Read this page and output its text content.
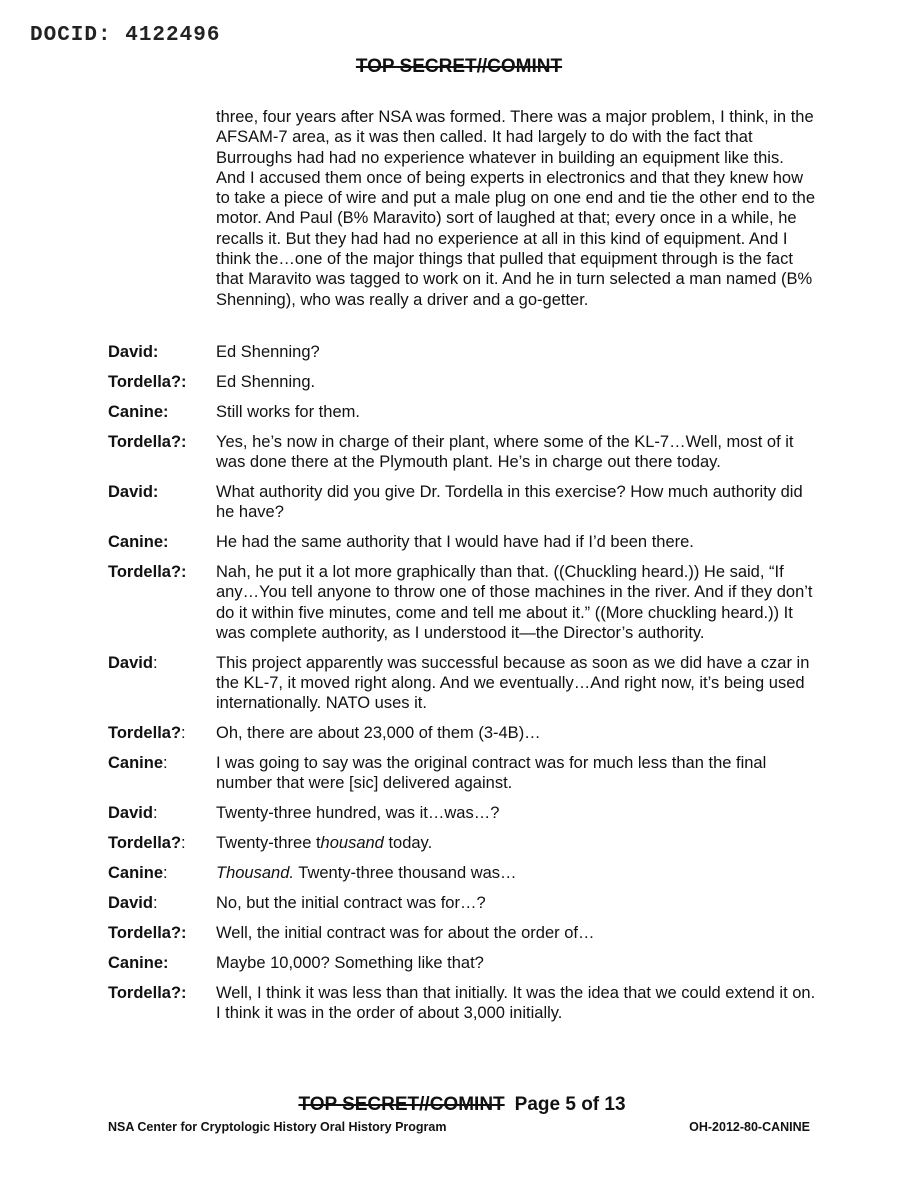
DOCID: 4122496
TOP SECRET//COMINT

three, four years after NSA was formed. There was a major problem, I think, in the AFSAM-7 area, as it was then called. It had largely to do with the fact that Burroughs had had no experience whatever in building an equipment like this. And I accused them once of being experts in electronics and that they knew how to take a piece of wire and put a male plug on one end and tie the other end to the motor. And Paul (B% Maravito) sort of laughed at that; every once in a while, he recalls it. But they had had no experience at all in this kind of equipment. And I think the…one of the major things that pulled that equipment through is the fact that Maravito was tagged to work on it. And he in turn selected a man named (B% Shenning), who was really a driver and a go-getter.

David:	Ed Shenning?
Tordella?:	Ed Shenning.
Canine:	Still works for them.
Tordella?:	Yes, he’s now in charge of their plant, where some of the KL-7…Well, most of it was done there at the Plymouth plant. He’s in charge out there today.
David:	What authority did you give Dr. Tordella in this exercise? How much authority did he have?
Canine:	He had the same authority that I would have had if I’d been there.
Tordella?:	Nah, he put it a lot more graphically than that. ((Chuckling heard.)) He said, “If any…You tell anyone to throw one of those machines in the river. And if they don’t do it within five minutes, come and tell me about it.” ((More chuckling heard.)) It was complete authority, as I understood it—the Director’s authority.
David:	This project apparently was successful because as soon as we did have a czar in the KL-7, it moved right along. And we eventually…And right now, it’s being used internationally. NATO uses it.
Tordella?:	Oh, there are about 23,000 of them (3-4B)…
Canine:	I was going to say was the original contract was for much less than the final number that were [sic] delivered against.
David:	Twenty-three hundred, was it…was…?
Tordella?:	Twenty-three thousand today.
Canine:	Thousand. Twenty-three thousand was…
David:	No, but the initial contract was for…?
Tordella?:	Well, the initial contract was for about the order of…
Canine:	Maybe 10,000? Something like that?
Tordella?:	Well, I think it was less than that initially. It was the idea that we could extend it on. I think it was in the order of about 3,000 initially.
TOP SECRET//COMINT Page 5 of 13
NSA Center for Cryptologic History Oral History Program	OH-2012-80-CANINE
